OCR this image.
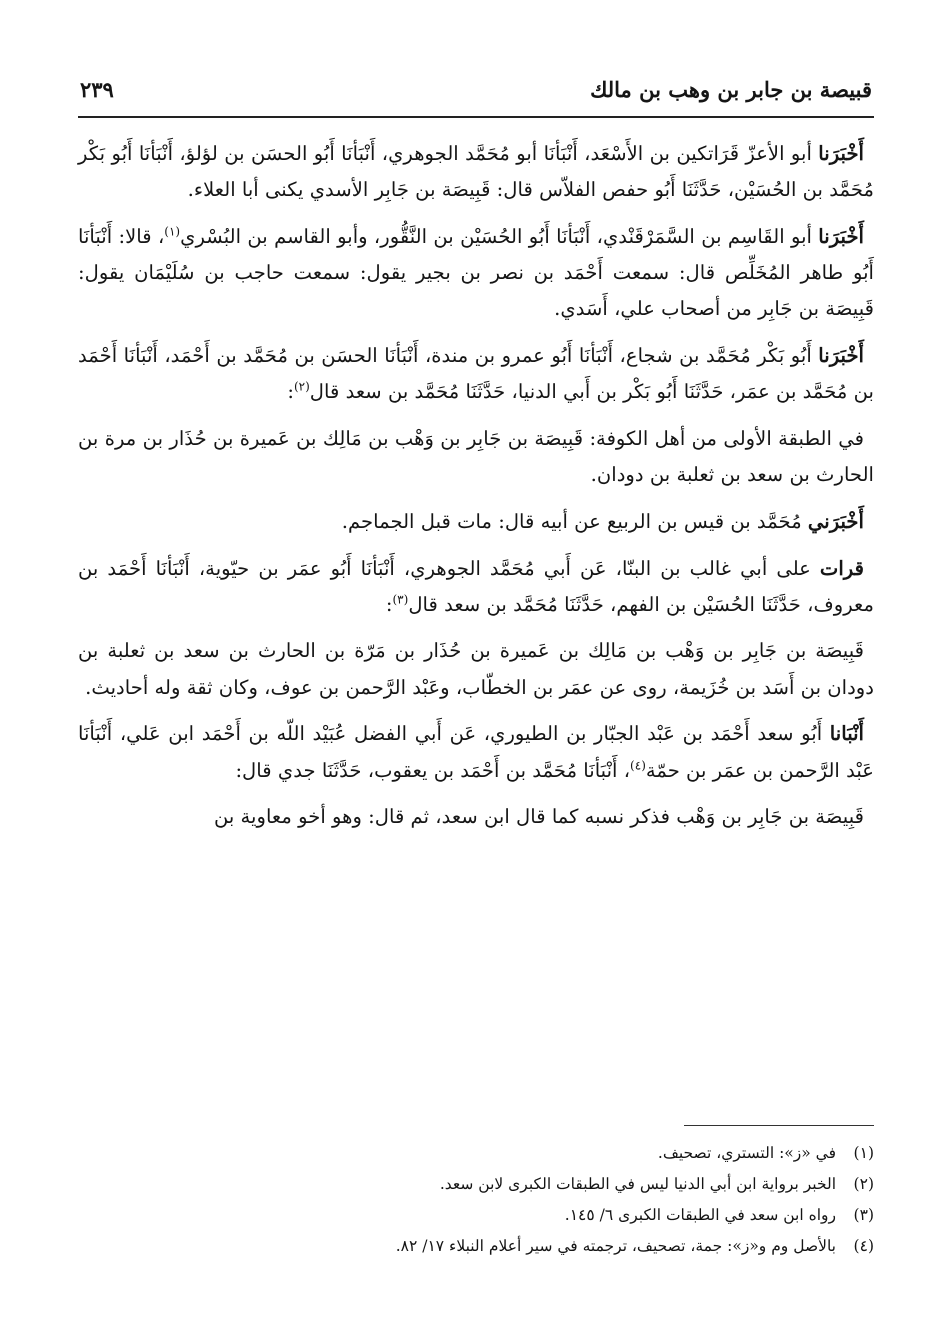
قبيصة بن جابر بن وهب بن مالك
٢٣٩

أَخْبَرَنا أبو الأعزّ قَرَاتكين بن الأَسْعَد، أَنْبَأنَا أبو مُحَمَّد الجوهري، أَنْبَأنَا أَبُو الحسَن بن لؤلؤ، أَنْبَأنَا أَبُو بَكْر مُحَمَّد بن الحُسَيْن، حَدَّثَنَا أَبُو حفص الفلاّس قال: قَبِيصَة بن جَابِر الأسدي يكنى أبا العلاء.

أَخْبَرَنا أبو القَاسِم بن السَّمَرْقَنْدي، أَنْبَأنَا أَبُو الحُسَيْن بن النَّقُّور، وأبو القاسم بن البُسْري$^{(١)}$، قالا: أَنْبَأنَا أَبُو طاهر المُخَلِّص قال: سمعت أَحْمَد بن نصر بن بجير يقول: سمعت حاجب بن سُلَيْمَان يقول: قَبِيصَة بن جَابِر من أصحاب علي، أَسَدي.

أَخْبَرَنا أَبُو بَكْر مُحَمَّد بن شجاع، أَنْبَأنَا أَبُو عمرو بن مندة، أَنْبَأنَا الحسَن بن مُحَمَّد بن أَحْمَد، أَنْبَأنَا أَحْمَد بن مُحَمَّد بن عمَر، حَدَّثَنَا أَبُو بَكْر بن أَبي الدنيا، حَدَّثَنَا مُحَمَّد بن سعد قال$^{(٢)}$:

في الطبقة الأولى من أهل الكوفة: قَبِيصَة بن جَابِر بن وَهْب بن مَالِك بن عَميرة بن حُذَار بن مرة بن الحارث بن سعد بن ثعلبة بن دودان.

أَخْبَرَني مُحَمَّد بن قيس بن الربيع عن أبيه قال: مات قبل الجماجم.

قرات على أبي غالب بن البنّا، عَن أَبي مُحَمَّد الجوهري، أَنْبَأنَا أَبُو عمَر بن حيّوية، أَنْبَأنَا أَحْمَد بن معروف، حَدَّثَنَا الحُسَيْن بن الفهم، حَدَّثَنَا مُحَمَّد بن سعد قال$^{(٣)}$:

قَبِيصَة بن جَابِر بن وَهْب بن مَالِك بن عَميرة بن حُذَار بن مَرّة بن الحارث بن سعد بن ثعلبة بن دودان بن أَسَد بن خُزَيمة، روى عن عمَر بن الخطّاب، وعَبْد الرَّحمن بن عوف، وكان ثقة وله أحاديث.

أَنْبَانا أَبُو سعد أَحْمَد بن عَبْد الجبّار بن الطيوري، عَن أَبي الفضل عُبَيْد اللّه بن أَحْمَد ابن عَلي، أَنْبَأنَا عَبْد الرَّحمن بن عمَر بن حمّة$^{(٤)}$، أَنْبَأنَا مُحَمَّد بن أَحْمَد بن يعقوب، حَدَّثَنَا جدي قال:

قَبِيصَة بن جَابِر بن وَهْب فذكر نسبه كما قال ابن سعد، ثم قال: وهو أخو معاوية بن

(١)
في «ز»: التستري، تصحيف.
(٢)
الخبر برواية ابن أبي الدنيا ليس في الطبقات الكبرى لابن سعد.
(٣)
رواه ابن سعد في الطبقات الكبرى ٦/ ١٤٥.
(٤)
بالأصل وم و«ز»: جمة، تصحيف، ترجمته في سير أعلام النبلاء ١٧/ ٨٢.
